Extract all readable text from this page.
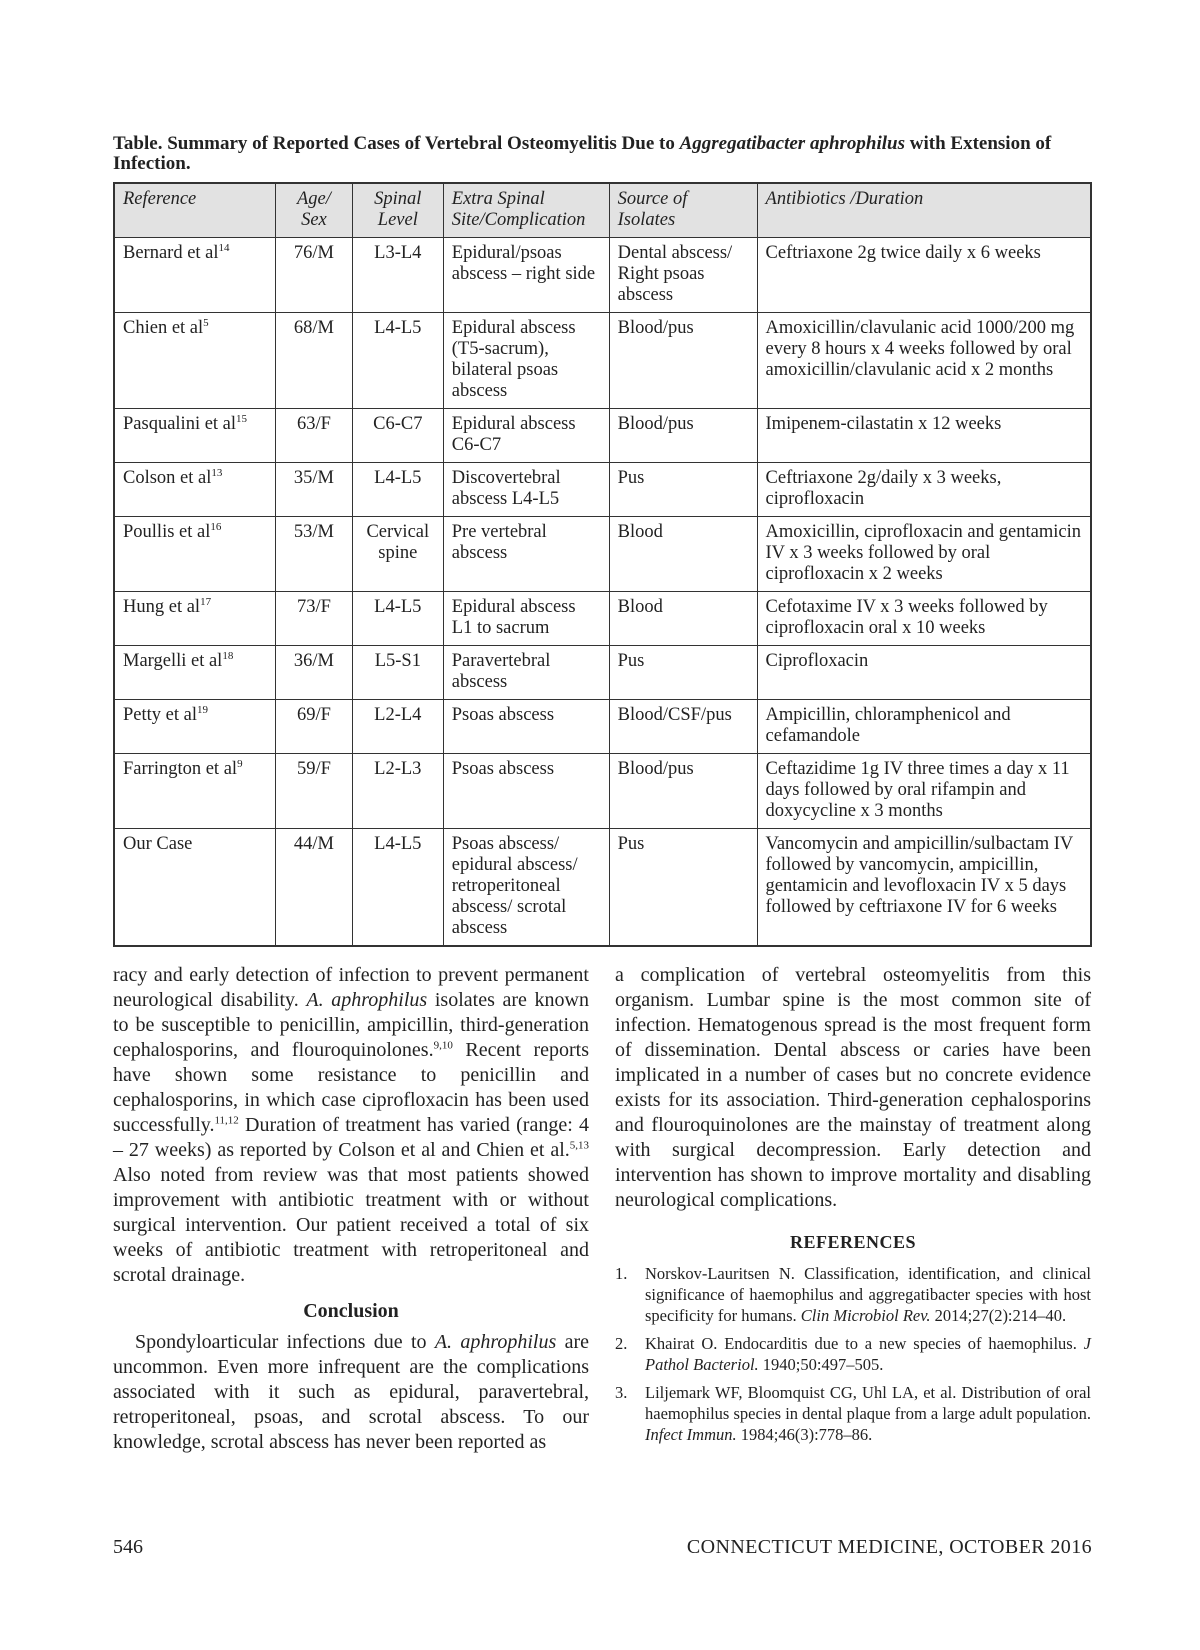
Table. Summary of Reported Cases of Vertebral Osteomyelitis Due to Aggregatibacter aphrophilus with Extension of Infection.
Reference	Age/ Sex	Spinal Level	Extra Spinal Site/Complication	Source of Isolates	Antibiotics /Duration
Bernard et $al^{14}$	76/M	L3-L4	Epidural/psoas abscess – right side	Dental abscess/ Right psoas abscess	Ceftriaxone 2g twice daily x 6 weeks
Chien et $al^5$	68/M	L4-L5	Epidural abscess (T5-sacrum), bilateral psoas abscess	Blood/pus	Amoxicillin/clavulanic acid 1000/200 mg every 8 hours x 4 weeks followed by oral amoxicillin/clavulanic acid x 2 months
Pasqualini et $al^{15}$	63/F	C6-C7	Epidural abscess C6-C7	Blood/pus	Imipenem-cilastatin x 12 weeks
Colson et $al^{13}$	35/M	L4-L5	Discovertebral abscess L4-L5	Pus	Ceftriaxone 2g/daily x 3 weeks, ciprofloxacin
Poullis et $al^{16}$	53/M	Cervical spine	Pre vertebral abscess	Blood	Amoxicillin, ciprofloxacin and gentamicin IV x 3 weeks followed by oral ciprofloxacin x 2 weeks
Hung et $al^{17}$	73/F	L4-L5	Epidural abscess L1 to sacrum	Blood	Cefotaxime IV x 3 weeks followed by ciprofloxacin oral x 10 weeks
Margelli et $al^{18}$	36/M	L5-S1	Paravertebral abscess	Pus	Ciprofloxacin
Petty et $al^{19}$	69/F	L2-L4	Psoas abscess	Blood/CSF/pus	Ampicillin, chloramphenicol and cefamandole
Farrington et $al^9$	59/F	L2-L3	Psoas abscess	Blood/pus	Ceftazidime 1g IV three times a day x 11 days followed by oral rifampin and doxycycline x 3 months
Our Case	44/M	L4-L5	Psoas abscess/ epidural abscess/ retroperitoneal abscess/ scrotal abscess	Pus	Vancomycin and ampicillin/sulbactam IV followed by vancomycin, ampicillin, gentamicin and levofloxacin IV x 5 days followed by ceftriaxone IV for 6 weeks

racy and early detection of infection to prevent permanent neurological disability. A. aphrophilus isolates are known to be susceptible to penicillin, ampicillin, third-generation cephalosporins, and flouroquinolones.$^{9,10}$ Recent reports have shown some resistance to penicillin and cephalosporins, in which case ciprofloxacin has been used successfully.$^{11,12}$ Duration of treatment has varied (range: 4 – 27 weeks) as reported by Colson et al and Chien et al.$^{5,13}$ Also noted from review was that most patients showed improvement with antibiotic treatment with or without surgical intervention. Our patient received a total of six weeks of antibiotic treatment with retroperitoneal and scrotal drainage.

Conclusion

Spondyloarticular infections due to A. aphrophilus are uncommon. Even more infrequent are the complications associated with it such as epidural, paravertebral, retroperitoneal, psoas, and scrotal abscess. To our knowledge, scrotal abscess has never been reported as

a complication of vertebral osteomyelitis from this organism. Lumbar spine is the most common site of infection. Hematogenous spread is the most frequent form of dissemination. Dental abscess or caries have been implicated in a number of cases but no concrete evidence exists for its association. Third-generation cephalosporins and flouroquinolones are the mainstay of treatment along with surgical decompression. Early detection and intervention has shown to improve mortality and disabling neurological complications.

REFERENCES
1. Norskov-Lauritsen N. Classification, identification, and clinical significance of haemophilus and aggregatibacter species with host specificity for humans. Clin Microbiol Rev. 2014;27(2):214–40.
2. Khairat O. Endocarditis due to a new species of haemophilus. J Pathol Bacteriol. 1940;50:497–505.
3. Liljemark WF, Bloomquist CG, Uhl LA, et al. Distribution of oral haemophilus species in dental plaque from a large adult population. Infect Immun. 1984;46(3):778–86.
546	CONNECTICUT MEDICINE, OCTOBER 2016
